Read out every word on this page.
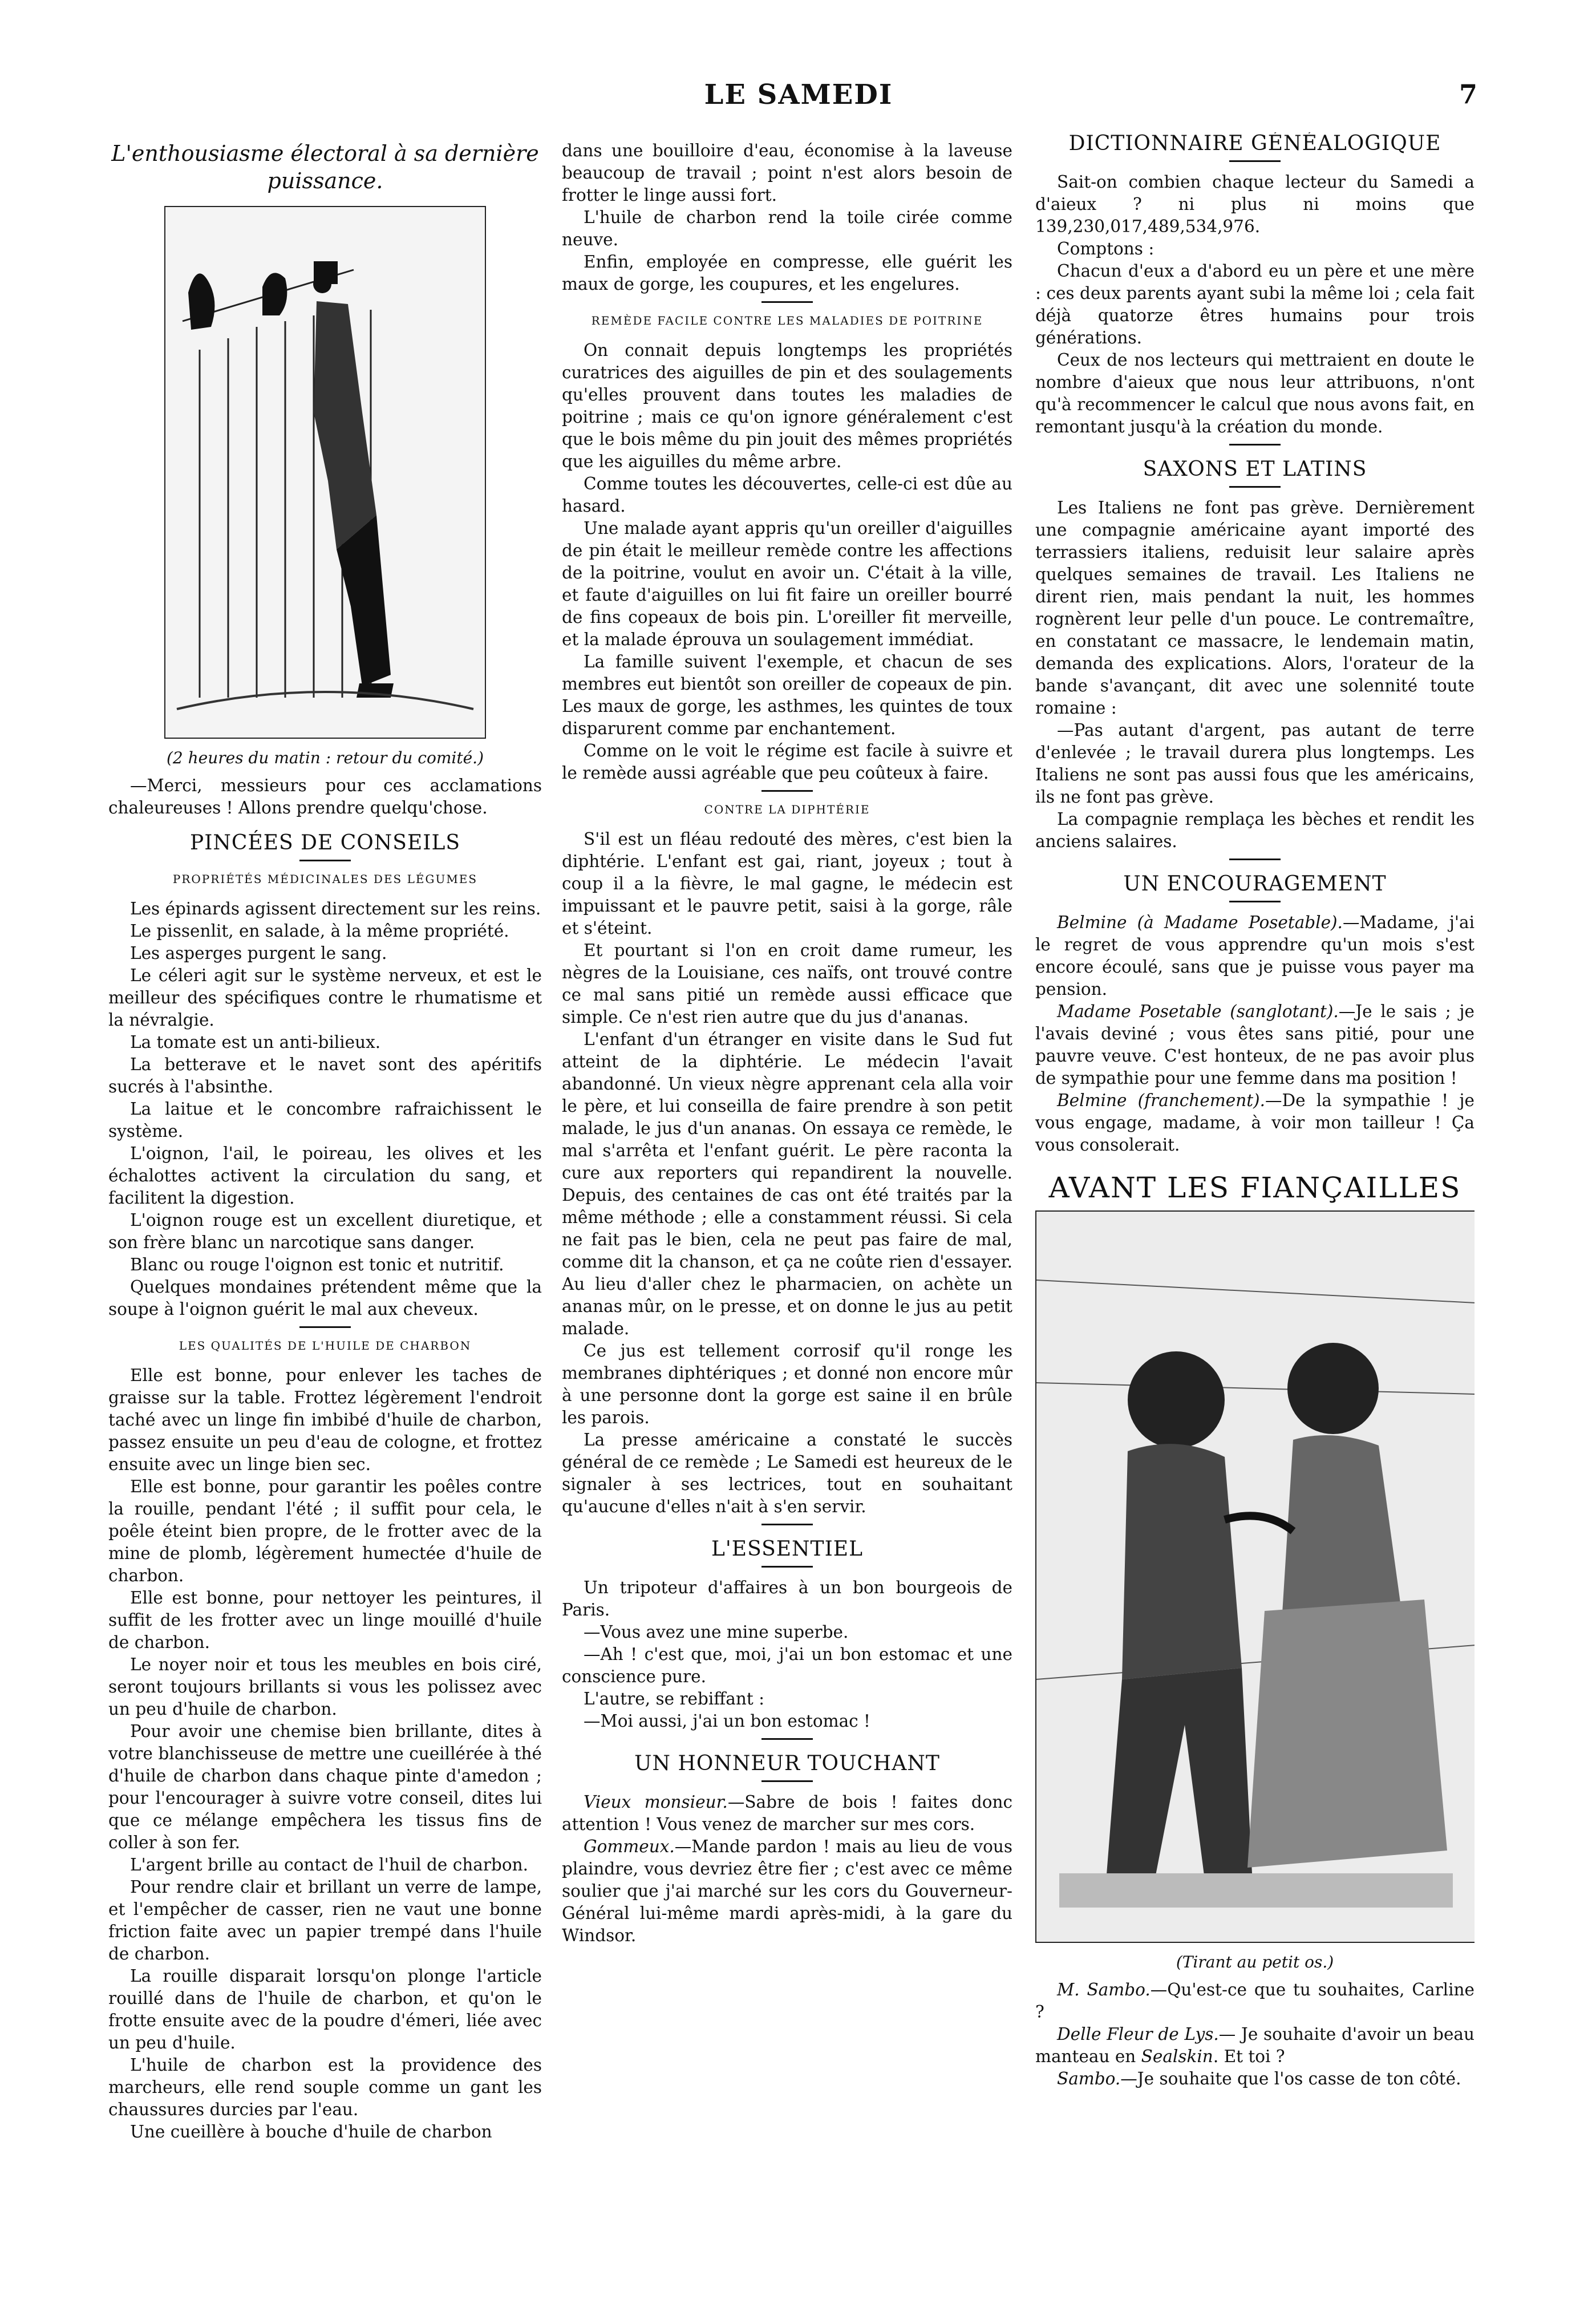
LE SAMEDI	7
L'enthousiasme électoral à sa dernière puissance.
(2 heures du matin : retour du comité.)

—Merci, messieurs pour ces acclamations chaleureuses ! Allons prendre quelqu'chose.

PINCÉES DE CONSEILS
PROPRIÉTÉS MÉDICINALES DES LÉGUMES

Les épinards agissent directement sur les reins.

Le pissenlit, en salade, à la même propriété.

Les asperges purgent le sang.

Le céleri agit sur le système nerveux, et est le meilleur des spécifiques contre le rhumatisme et la névralgie.

La tomate est un anti-bilieux.

La betterave et le navet sont des apéritifs sucrés à l'absinthe.

La laitue et le concombre rafraichissent le système.

L'oignon, l'ail, le poireau, les olives et les échalottes activent la circulation du sang, et facilitent la digestion.

L'oignon rouge est un excellent diuretique, et son frère blanc un narcotique sans danger.

Blanc ou rouge l'oignon est tonic et nutritif.

Quelques mondaines prétendent même que la soupe à l'oignon guérit le mal aux cheveux.

LES QUALITÉS DE L'HUILE DE CHARBON

Elle est bonne, pour enlever les taches de graisse sur la table. Frottez légèrement l'endroit taché avec un linge fin imbibé d'huile de charbon, passez ensuite un peu d'eau de cologne, et frottez ensuite avec un linge bien sec.

Elle est bonne, pour garantir les poêles contre la rouille, pendant l'été ; il suffit pour cela, le poêle éteint bien propre, de le frotter avec de la mine de plomb, légèrement humectée d'huile de charbon.

Elle est bonne, pour nettoyer les peintures, il suffit de les frotter avec un linge mouillé d'huile de charbon.

Le noyer noir et tous les meubles en bois ciré, seront toujours brillants si vous les polissez avec un peu d'huile de charbon.

Pour avoir une chemise bien brillante, dites à votre blanchisseuse de mettre une cueillérée à thé d'huile de charbon dans chaque pinte d'amedon ; pour l'encourager à suivre votre conseil, dites lui que ce mélange empêchera les tissus fins de coller à son fer.

L'argent brille au contact de l'huil de charbon.

Pour rendre clair et brillant un verre de lampe, et l'empêcher de casser, rien ne vaut une bonne friction faite avec un papier trempé dans l'huile de charbon.

La rouille disparait lorsqu'on plonge l'article rouillé dans de l'huile de charbon, et qu'on le frotte ensuite avec de la poudre d'émeri, liée avec un peu d'huile.

L'huile de charbon est la providence des marcheurs, elle rend souple comme un gant les chaussures durcies par l'eau.

Une cueillère à bouche d'huile de charbon

dans une bouilloire d'eau, économise à la laveuse beaucoup de travail ; point n'est alors besoin de frotter le linge aussi fort.

L'huile de charbon rend la toile cirée comme neuve.

Enfin, employée en compresse, elle guérit les maux de gorge, les coupures, et les engelures.

REMÈDE FACILE CONTRE LES MALADIES DE POITRINE

On connait depuis longtemps les propriétés curatrices des aiguilles de pin et des soulagements qu'elles prouvent dans toutes les maladies de poitrine ; mais ce qu'on ignore généralement c'est que le bois même du pin jouit des mêmes propriétés que les aiguilles du même arbre.

Comme toutes les découvertes, celle-ci est dûe au hasard.

Une malade ayant appris qu'un oreiller d'aiguilles de pin était le meilleur remède contre les affections de la poitrine, voulut en avoir un. C'était à la ville, et faute d'aiguilles on lui fit faire un oreiller bourré de fins copeaux de bois pin. L'oreiller fit merveille, et la malade éprouva un soulagement immédiat.

La famille suivent l'exemple, et chacun de ses membres eut bientôt son oreiller de copeaux de pin. Les maux de gorge, les asthmes, les quintes de toux disparurent comme par enchantement.

Comme on le voit le régime est facile à suivre et le remède aussi agréable que peu coûteux à faire.

CONTRE LA DIPHTÉRIE

S'il est un fléau redouté des mères, c'est bien la diphtérie. L'enfant est gai, riant, joyeux ; tout à coup il a la fièvre, le mal gagne, le médecin est impuissant et le pauvre petit, saisi à la gorge, râle et s'éteint.

Et pourtant si l'on en croit dame rumeur, les nègres de la Louisiane, ces naïfs, ont trouvé contre ce mal sans pitié un remède aussi efficace que simple. Ce n'est rien autre que du jus d'ananas.

L'enfant d'un étranger en visite dans le Sud fut atteint de la diphtérie. Le médecin l'avait abandonné. Un vieux nègre apprenant cela alla voir le père, et lui conseilla de faire prendre à son petit malade, le jus d'un ananas. On essaya ce remède, le mal s'arrêta et l'enfant guérit. Le père raconta la cure aux reporters qui repandirent la nouvelle. Depuis, des centaines de cas ont été traités par la même méthode ; elle a constamment réussi. Si cela ne fait pas le bien, cela ne peut pas faire de mal, comme dit la chanson, et ça ne coûte rien d'essayer. Au lieu d'aller chez le pharmacien, on achète un ananas mûr, on le presse, et on donne le jus au petit malade.

Ce jus est tellement corrosif qu'il ronge les membranes diphtériques ; et donné non encore mûr à une personne dont la gorge est saine il en brûle les parois.

La presse américaine a constaté le succès général de ce remède ; Le Samedi est heureux de le signaler à ses lectrices, tout en souhaitant qu'aucune d'elles n'ait à s'en servir.

L'ESSENTIEL

Un tripoteur d'affaires à un bon bourgeois de Paris.

—Vous avez une mine superbe.

—Ah ! c'est que, moi, j'ai un bon estomac et une conscience pure.

L'autre, se rebiffant :

—Moi aussi, j'ai un bon estomac !

UN HONNEUR TOUCHANT

Vieux monsieur.—Sabre de bois ! faites donc attention ! Vous venez de marcher sur mes cors.

Gommeux.—Mande pardon ! mais au lieu de vous plaindre, vous devriez être fier ; c'est avec ce même soulier que j'ai marché sur les cors du Gouverneur-Général lui-même mardi après-midi, à la gare du Windsor.

DICTIONNAIRE GÉNÉALOGIQUE

Sait-on combien chaque lecteur du Samedi a d'aieux ? ni plus ni moins que 139,230,017,489,534,976.

Comptons :

Chacun d'eux a d'abord eu un père et une mère : ces deux parents ayant subi la même loi ; cela fait déjà quatorze êtres humains pour trois générations.

Ceux de nos lecteurs qui mettraient en doute le nombre d'aieux que nous leur attribuons, n'ont qu'à recommencer le calcul que nous avons fait, en remontant jusqu'à la création du monde.

SAXONS ET LATINS

Les Italiens ne font pas grève. Dernièrement une compagnie américaine ayant importé des terrassiers italiens, reduisit leur salaire après quelques semaines de travail. Les Italiens ne dirent rien, mais pendant la nuit, les hommes rognèrent leur pelle d'un pouce. Le contremaître, en constatant ce massacre, le lendemain matin, demanda des explications. Alors, l'orateur de la bande s'avançant, dit avec une solennité toute romaine :

—Pas autant d'argent, pas autant de terre d'enlevée ; le travail durera plus longtemps. Les Italiens ne sont pas aussi fous que les américains, ils ne font pas grève.

La compagnie remplaça les bèches et rendit les anciens salaires.

UN ENCOURAGEMENT

Belmine (à Madame Posetable).—Madame, j'ai le regret de vous apprendre qu'un mois s'est encore écoulé, sans que je puisse vous payer ma pension.

Madame Posetable (sanglotant).—Je le sais ; je l'avais deviné ; vous êtes sans pitié, pour une pauvre veuve. C'est honteux, de ne pas avoir plus de sympathie pour une femme dans ma position !

Belmine (franchement).—De la sympathie ! je vous engage, madame, à voir mon tailleur ! Ça vous consolerait.

AVANT LES FIANÇAILLES
(Tirant au petit os.)

M. Sambo.—Qu'est-ce que tu souhaites, Carline ?

Delle Fleur de Lys.— Je souhaite d'avoir un beau manteau en Sealskin. Et toi ?

Sambo.—Je souhaite que l'os casse de ton côté.
